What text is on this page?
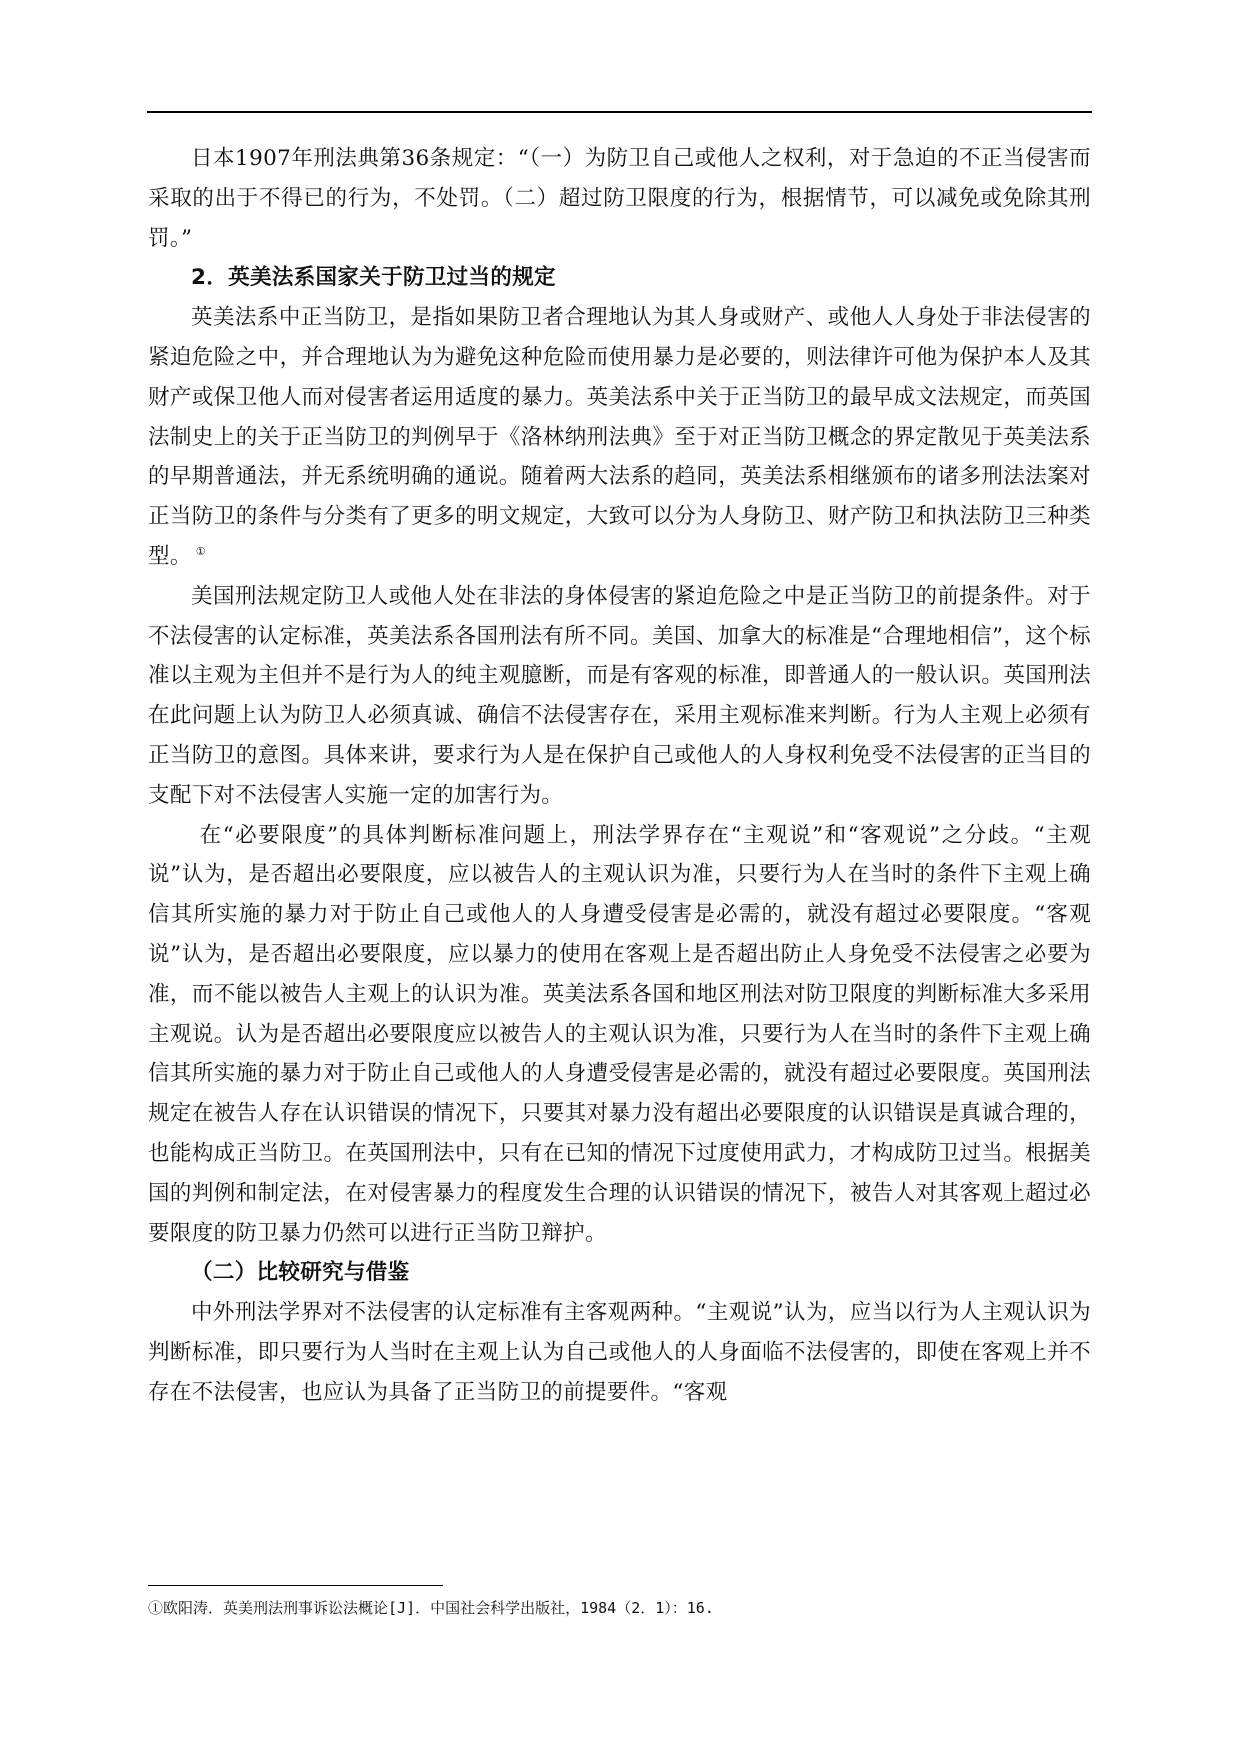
日本1907年刑法典第36条规定：“（一）为防卫自己或他人之权利，对于急迫的不正当侵害而采取的出于不得已的行为，不处罚。（二）超过防卫限度的行为，根据情节，可以减免或免除其刑罚。”

2．英美法系国家关于防卫过当的规定

英美法系中正当防卫，是指如果防卫者合理地认为其人身或财产、或他人人身处于非法侵害的紧迫危险之中，并合理地认为为避免这种危险而使用暴力是必要的，则法律许可他为保护本人及其财产或保卫他人而对侵害者运用适度的暴力。英美法系中关于正当防卫的最早成文法规定，而英国法制史上的关于正当防卫的判例早于《洛林纳刑法典》至于对正当防卫概念的界定散见于英美法系的早期普通法，并无系统明确的通说。随着两大法系的趋同，英美法系相继颁布的诸多刑法法案对正当防卫的条件与分类有了更多的明文规定，大致可以分为人身防卫、财产防卫和执法防卫三种类型。 ①

美国刑法规定防卫人或他人处在非法的身体侵害的紧迫危险之中是正当防卫的前提条件。对于不法侵害的认定标准，英美法系各国刑法有所不同。美国、加拿大的标准是“合理地相信”，这个标准以主观为主但并不是行为人的纯主观臆断，而是有客观的标准，即普通人的一般认识。英国刑法在此问题上认为防卫人必须真诚、确信不法侵害存在，采用主观标准来判断。行为人主观上必须有正当防卫的意图。具体来讲，要求行为人是在保护自己或他人的人身权利免受不法侵害的正当目的支配下对不法侵害人实施一定的加害行为。

在“必要限度”的具体判断标准问题上，刑法学界存在“主观说”和“客观说”之分歧。“主观说”认为，是否超出必要限度，应以被告人的主观认识为准，只要行为人在当时的条件下主观上确信其所实施的暴力对于防止自己或他人的人身遭受侵害是必需的，就没有超过必要限度。“客观说”认为，是否超出必要限度，应以暴力的使用在客观上是否超出防止人身免受不法侵害之必要为准，而不能以被告人主观上的认识为准。英美法系各国和地区刑法对防卫限度的判断标准大多采用主观说。认为是否超出必要限度应以被告人的主观认识为准，只要行为人在当时的条件下主观上确信其所实施的暴力对于防止自己或他人的人身遭受侵害是必需的，就没有超过必要限度。英国刑法规定在被告人存在认识错误的情况下，只要其对暴力没有超出必要限度的认识错误是真诚合理的，也能构成正当防卫。在英国刑法中，只有在已知的情况下过度使用武力，才构成防卫过当。根据美国的判例和制定法，在对侵害暴力的程度发生合理的认识错误的情况下，被告人对其客观上超过必要限度的防卫暴力仍然可以进行正当防卫辩护。

（二）比较研究与借鉴

中外刑法学界对不法侵害的认定标准有主客观两种。“主观说”认为，应当以行为人主观认识为判断标准，即只要行为人当时在主观上认为自己或他人的人身面临不法侵害的，即使在客观上并不存在不法侵害，也应认为具备了正当防卫的前提要件。“客观

①欧阳涛．英美刑法刑事诉讼法概论[J]．中国社会科学出版社，1984（2．1）：16.
